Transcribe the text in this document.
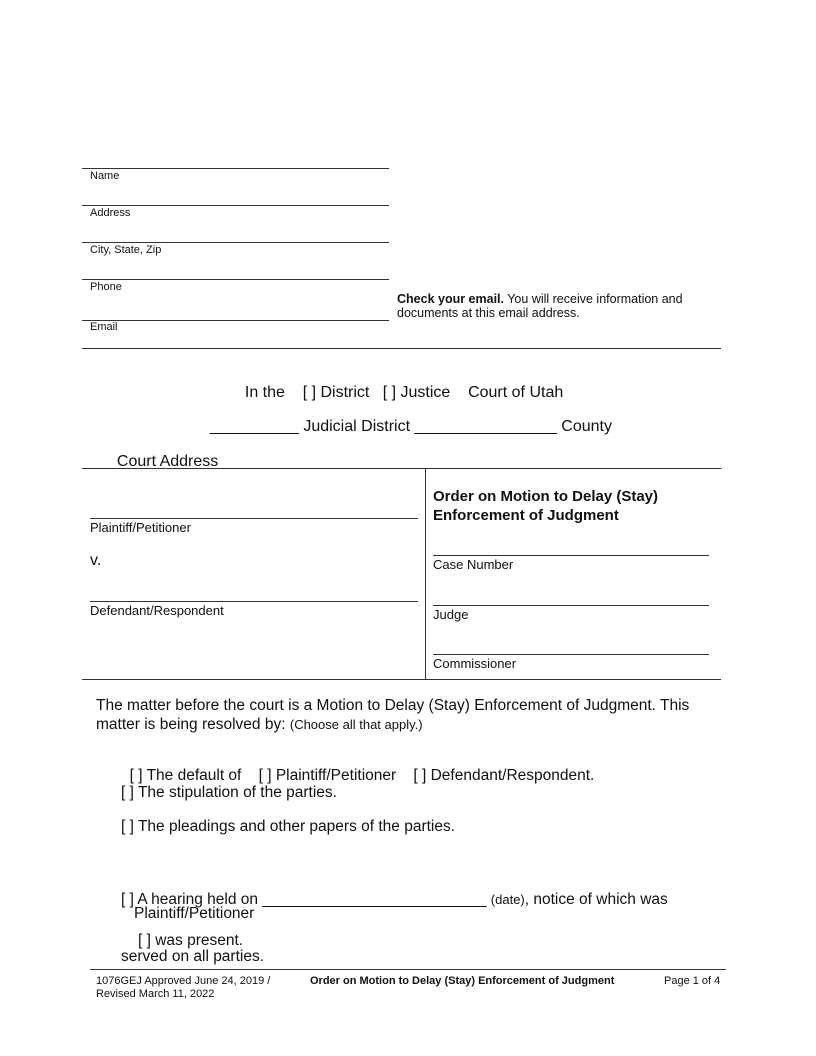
Name
Address
City, State, Zip
Phone
Check your email. You will receive information and documents at this email address.
Email

In the [ ] District [ ] Justice Court of Utah

__________ Judicial District ________________ County

Court Address ________________________________________________________

Plaintiff/Petitioner
v.
Defendant/Respondent
Order on Motion to Delay (Stay)
Enforcement of Judgment
Case Number
Judge
Commissioner
The matter before the court is a Motion to Delay (Stay) Enforcement of Judgment. This
matter is being resolved by: (Choose all that apply.)

[ ] The default of [ ] Plaintiff/Petitioner [ ] Defendant/Respondent.

[ ] The stipulation of the parties.
[ ] The pleadings and other papers of the parties.

[ ] A hearing held on __________________________ (date), notice of which was

served on all parties.

Plaintiff/Petitioner
[ ] was present.
1076GEJ Approved June 24, 2019 /
Revised March 11, 2022
Order on Motion to Delay (Stay) Enforcement of Judgment	Page 1 of 4
